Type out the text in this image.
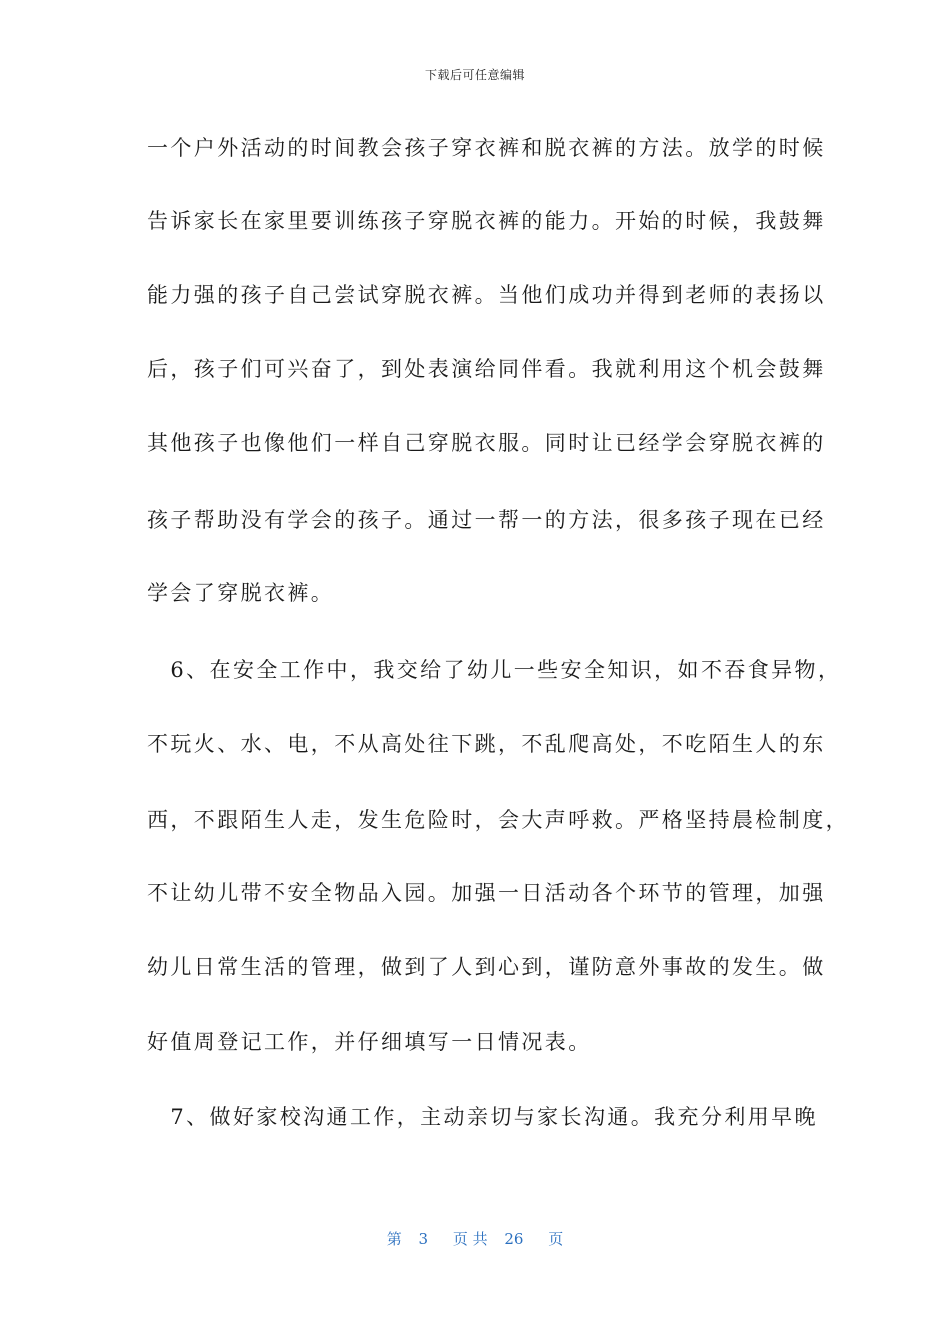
下载后可任意编辑
一个户外活动的时间教会孩子穿衣裤和脱衣裤的方法。放学的时候
告诉家长在家里要训练孩子穿脱衣裤的能力。开始的时候，我鼓舞
能力强的孩子自己尝试穿脱衣裤。当他们成功并得到老师的表扬以
后，孩子们可兴奋了，到处表演给同伴看。我就利用这个机会鼓舞
其他孩子也像他们一样自己穿脱衣服。同时让已经学会穿脱衣裤的
孩子帮助没有学会的孩子。通过一帮一的方法，很多孩子现在已经
学会了穿脱衣裤。
　6、在安全工作中，我交给了幼儿一些安全知识，如不吞食异物，
不玩火、水、电，不从高处往下跳，不乱爬高处，不吃陌生人的东
西，不跟陌生人走，发生危险时，会大声呼救。严格坚持晨检制度，
不让幼儿带不安全物品入园。加强一日活动各个环节的管理，加强
幼儿日常生活的管理，做到了人到心到，谨防意外事故的发生。做
好值周登记工作，并仔细填写一日情况表。
　7、做好家校沟通工作，主动亲切与家长沟通。我充分利用早晚
第 3 页 共 26 页
